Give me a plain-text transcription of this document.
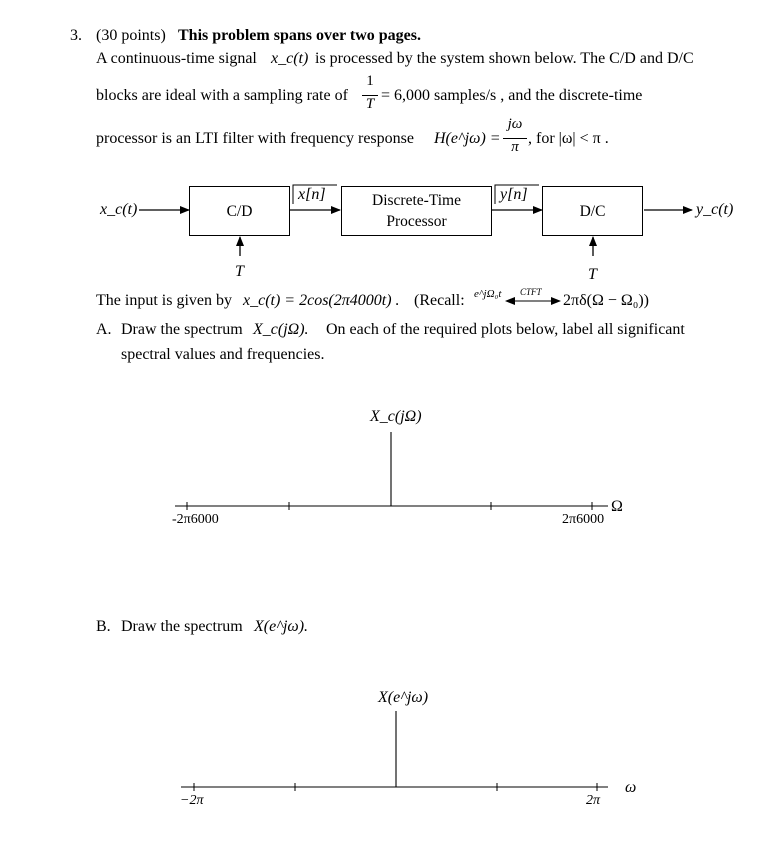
3. (30 points) This problem spans over two pages.
A continuous-time signal x_c(t) is processed by the system shown below. The C/D and D/C
blocks are ideal with a sampling rate of
1
T = 6,000 samples/s , and the discrete-time
processor is an LTI filter with frequency response H(e^jω) =
jω
π , for |ω| < π .
x_c(t)	C/D
x[n]	Discrete-Time
Processor
y[n]
D/C	y_c(t)
T	T
The input is given by x_c(t) = 2cos(2π4000t) . (Recall: e^jΩ₀t CTFT 2πδ(Ω − Ω₀))
A. Draw the spectrum X_c(jΩ). On each of the required plots below, label all significant
spectral values and frequencies.
X_c(jΩ)
-2π6000	2π6000
Ω
B. Draw the spectrum X(e^jω).
X(e^jω)
−2π	2π
ω
